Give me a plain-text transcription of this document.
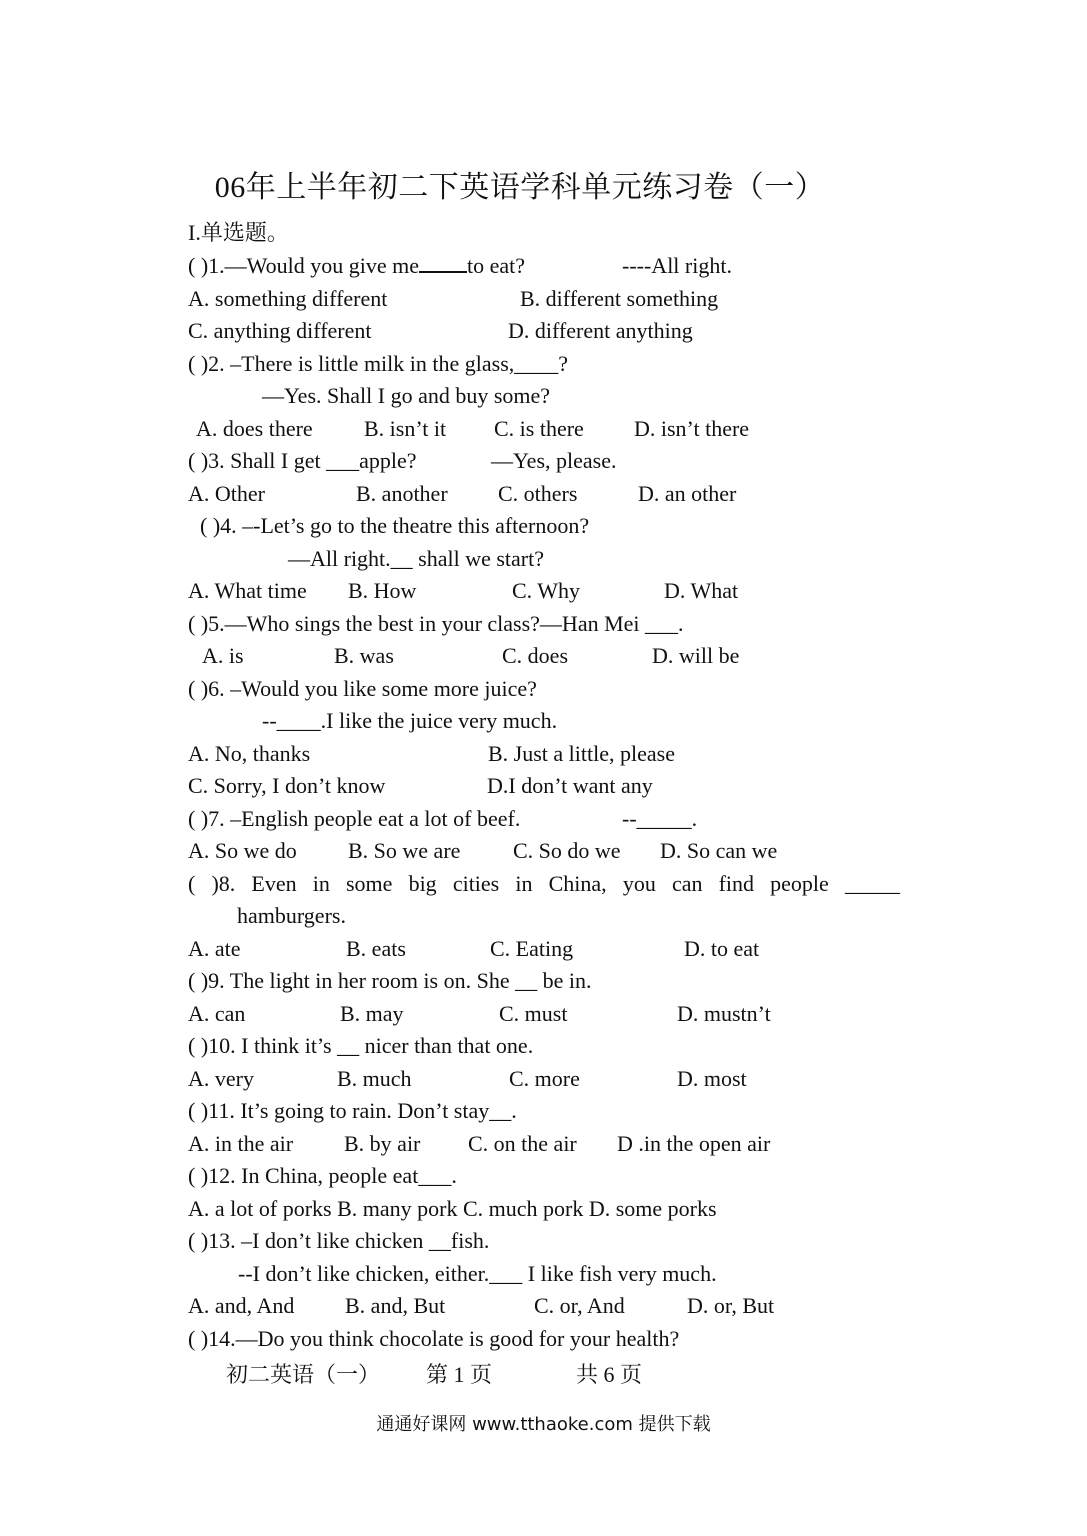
06年上半年初二下英语学科单元练习卷（一）
I.单选题。
( )1.—Would you give me to eat?	----All right.
A. something different	B. different something
C. anything different	D. different anything
( )2. –There is little milk in the glass,____?
—Yes. Shall I go and buy some?
A. does there B. isn’t it C. is there D. isn’t there
( )3. Shall I get ___apple?	—Yes, please.
A. Other	B. another C. others	D. an other
( )4. –-Let’s go to the theatre this afternoon?
—All right.__ shall we start?
A. What time B. How	C. Why	D. What
( )5.—Who sings the best in your class?—Han Mei ___.
A. is	B. was	C. does	D. will be
( )6. –Would you like some more juice?
--____.I like the juice very much.
A. No, thanks	B. Just a little, please
C. Sorry, I don’t know	D.I don’t want any
( )7. –English people eat a lot of beef.	--_____.
A. So we do B. So we are C. So do we D. So can we
( )8. Even in some big cities in China, you can find people _____
hamburgers.
A. ate	B. eats	C. Eating	D. to eat
( )9. The light in her room is on. She __ be in.
A. can	B. may	C. must	D. mustn’t
( )10. I think it’s __ nicer than that one.
A. very	B. much	C. more	D. most
( )11. It’s going to rain. Don’t stay__.
A. in the air B. by air C. on the air D .in the open air
( )12. In China, people eat___.
A. a lot of porks B. many pork C. much pork D. some porks
( )13. –I don’t like chicken __fish.
--I don’t like chicken, either.___ I like fish very much.
A. and, And B. and, But	C. or, And	D. or, But
( )14.—Do you think chocolate is good for your health?
初二英语（一） 第 1 页	共 6 页
通通好课网 www.tthaoke.com 提供下载
